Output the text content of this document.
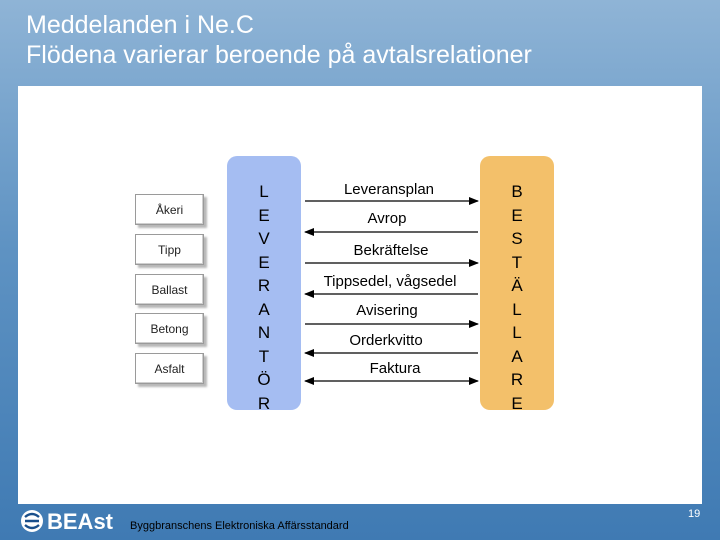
Meddelanden i Ne.C
Flödena varierar beroende på avtalsrelationer
Åkeri
Tipp
Ballast
Betong
Asfalt
L
E
V
E
R
A
N
T
Ö
R
B
E
S
T
Ä
L
L
A
R
E
Leveransplan
Avrop
Bekräftelse
Tippsedel, vågsedel
Avisering
Orderkvitto
Faktura
BEAst Byggbranschens Elektroniska Affärsstandard
19
